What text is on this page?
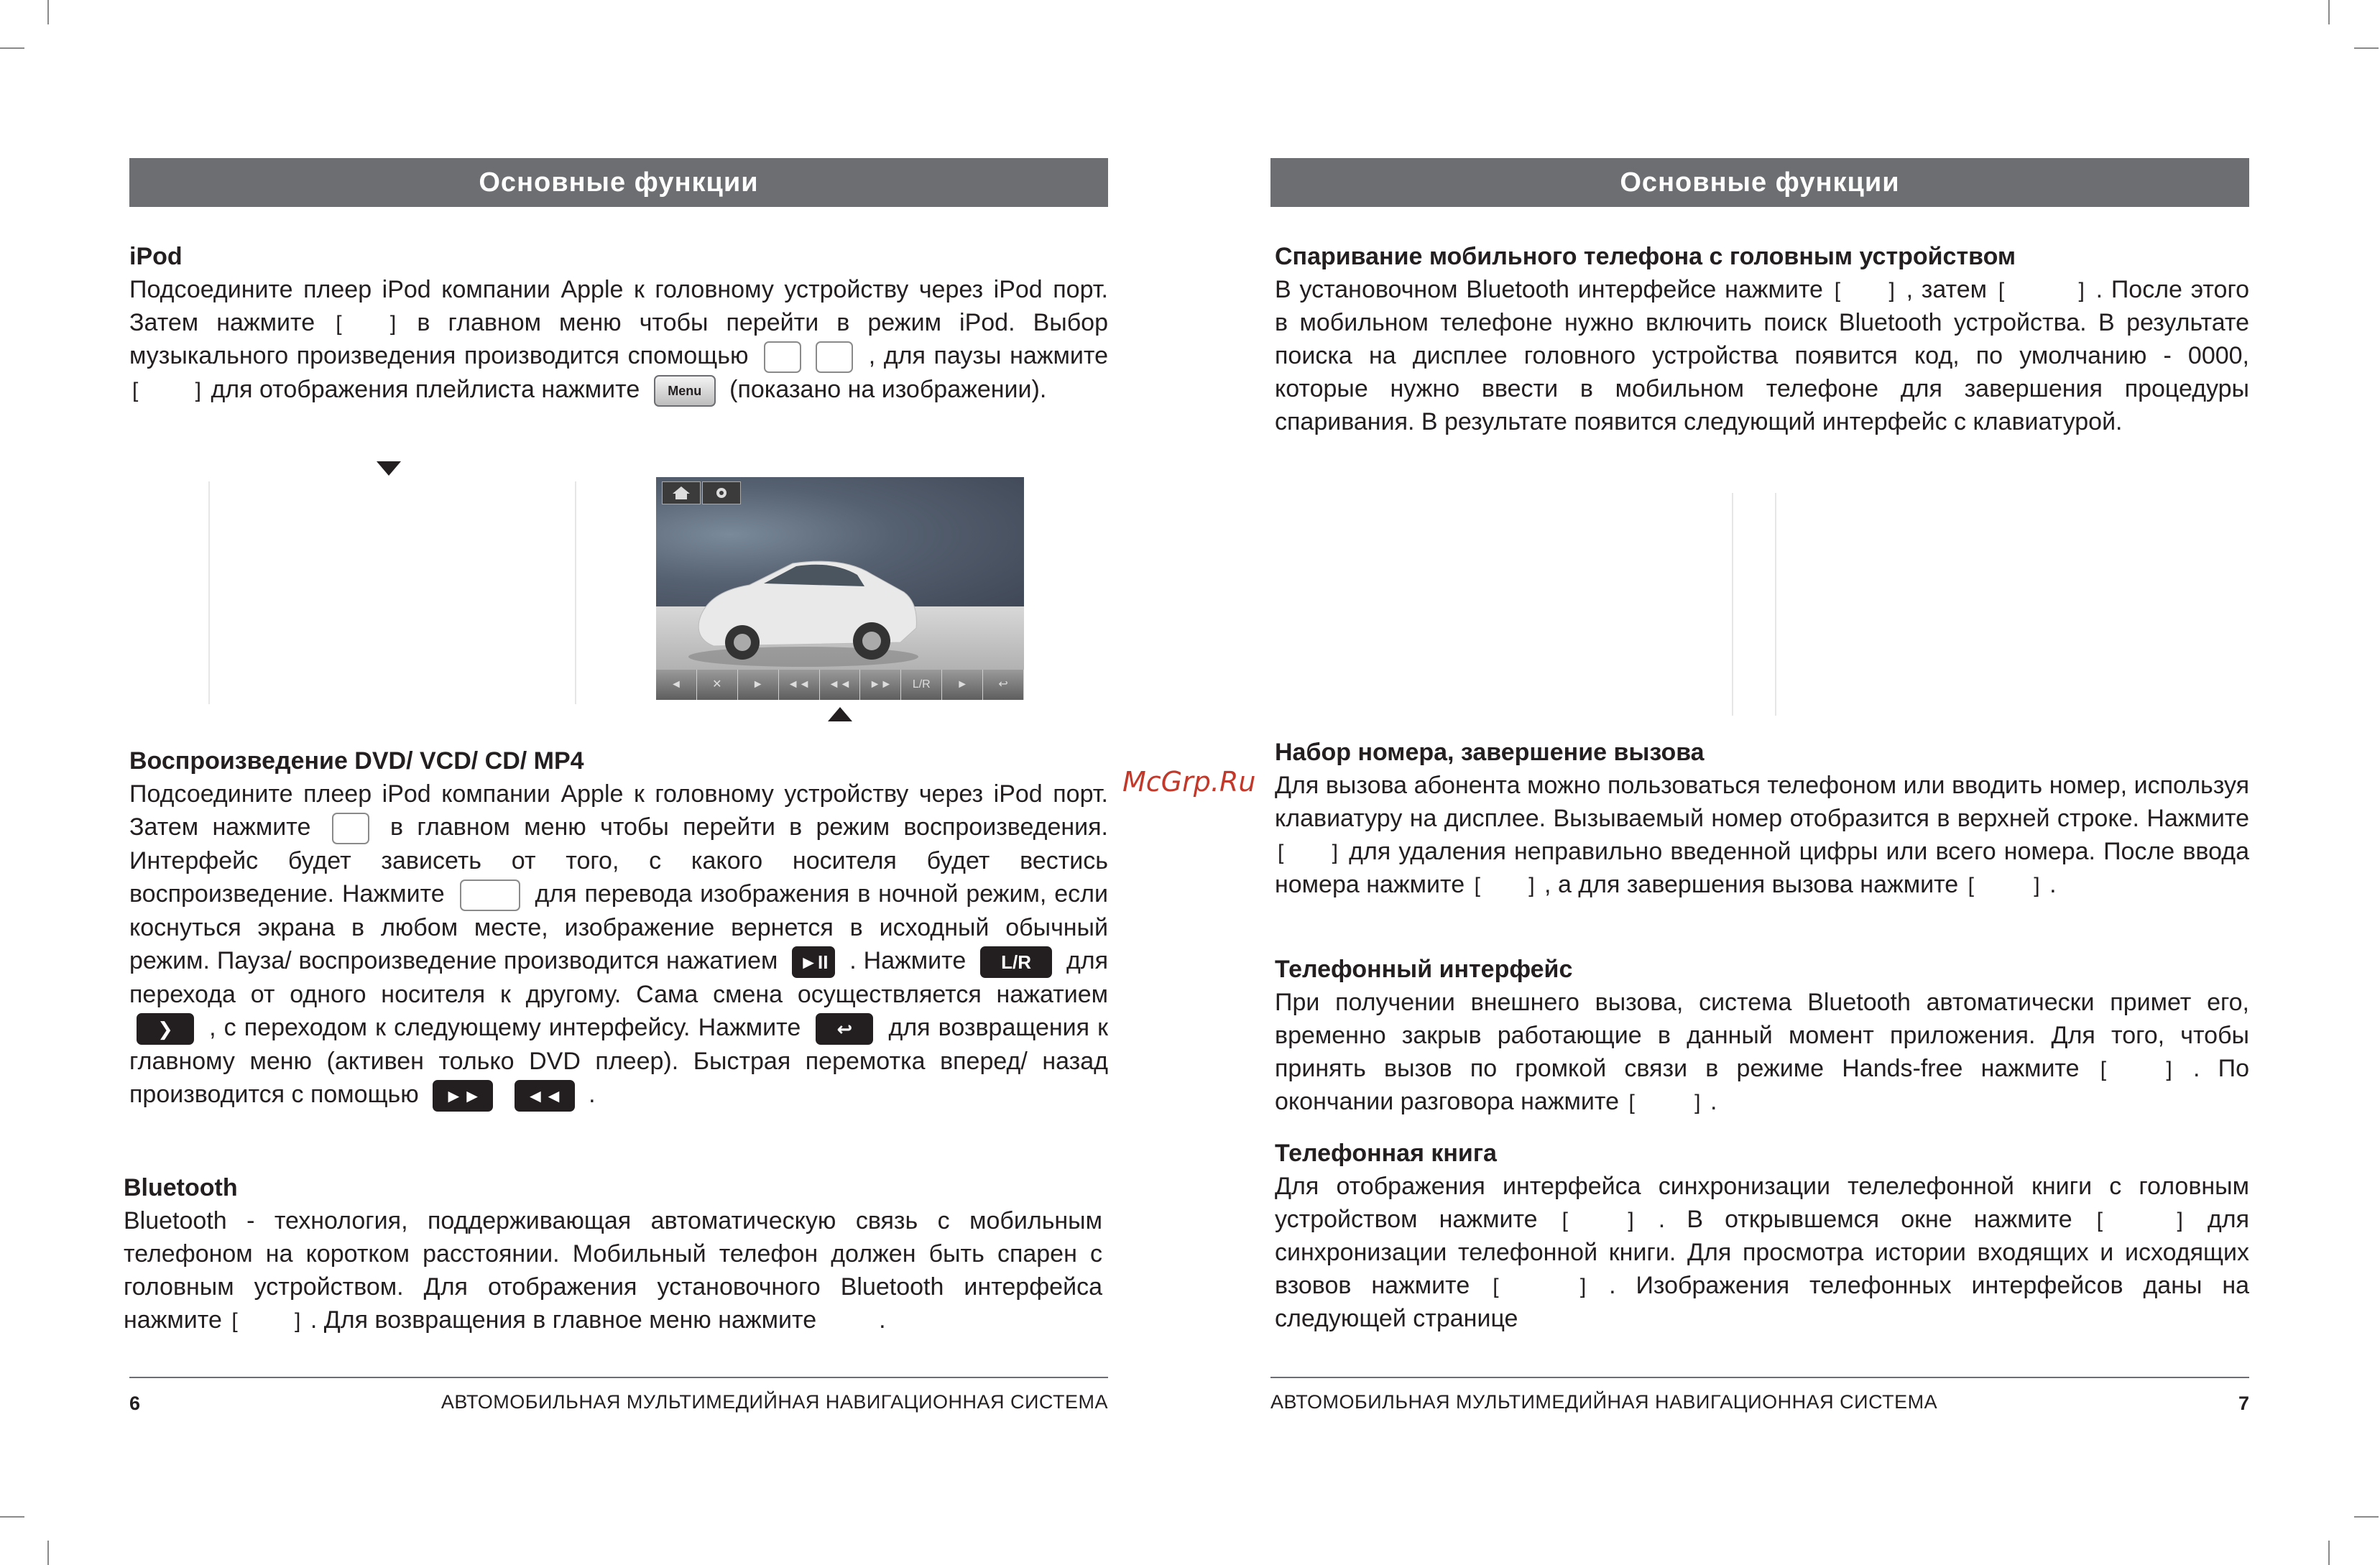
Основные функции
iPod

Подсоедините плеер iPod компании Apple к головному устройству через iPod порт. Затем нажмите [ ] в главном меню чтобы перейти в режим iPod. Выбор музыкального произведения производится спомощью	, для паузы нажмите
[	] для отображения плейлиста нажмите Menu (показано на изображении).

◄	✕	►	◄◄	◄◄	►►	L/R	►	↩
Воспроизведение DVD/ VCD/ CD/ MP4

Подсоедините плеер iPod компании Apple к головному устройству через iPod порт. Затем нажмите	в главном меню чтобы перейти в режим воспроизведения. Интерфейс будет зависеть от того, с какого носителя будет вестись воспроизведение. Нажмите	для перевода изображения в ночной режим, если коснуться экрана в любом месте, изображение вернется в исходный обычный режим. Пауза/ воспроизведение производится нажатием ►II . Нажмите L/R для перехода от одного носителя к другому. Сама смена осуществляется нажатием ❯ , с переходом к следующему интерфейсу. Нажмите ↩ для возвращения к главному меню (активен только DVD плеер). Быстрая перемотка вперед/ назад производится с помощью ►► ◄◄ .

Bluetooth

Bluetooth - технология, поддерживающая автоматическую связь с мобильным телефоном на коротком расстоянии. Мобильный телефон должен быть спарен с головным устройством. Для отображения установочного Bluetooth интерфейса нажмите [	] . Для возвращения в главное меню нажмите	.

6	АВТОМОБИЛЬНАЯ МУЛЬТИМЕДИЙНАЯ НАВИГАЦИОННАЯ СИСТЕМА
McGrp.Ru
Основные функции
Спаривание мобильного телефона с головным устройством

В установочном Bluetooth интерфейсе нажмите [ ] , затем [	] . После этого в мобильном телефоне нужно включить поиск Bluetooth устройства. В результате поиска на дисплее головного устройства появится код, по умолчанию - 0000, которые нужно ввести в мобильном телефоне для завершения процедуры спаривания. В результате появится следующий интерфейс с клавиатурой.

Набор номера, завершение вызова

Для вызова абонента можно пользоваться телефоном или вводить номер, используя клавиатуру на дисплее. Вызываемый номер отобразится в верхней строке. Нажмите
[ ] для удаления неправильно введенной цифры или всего номера. После ввода номера нажмите [ ] , а для завершения вызова нажмите [	] .

Телефонный интерфейс

При получении внешнего вызова, система Bluetooth автоматически примет его, временно закрыв работающие в данный момент приложения. Для того, чтобы принять вызов по громкой связи в режиме Hands-free нажмите [	] . По окончании разговора нажмите [	] .

Телефонная книга

Для отображения интерфейса синхронизации телелефонной книги с головным устройством нажмите [	] . В открывшемся окне нажмите [	] для синхронизации телефонной книги. Для просмотра истории входящих и исходящих взовов нажмите [	] . Изображения телефонных интерфейсов даны на следующей странице

АВТОМОБИЛЬНАЯ МУЛЬТИМЕДИЙНАЯ НАВИГАЦИОННАЯ СИСТЕМА	7
